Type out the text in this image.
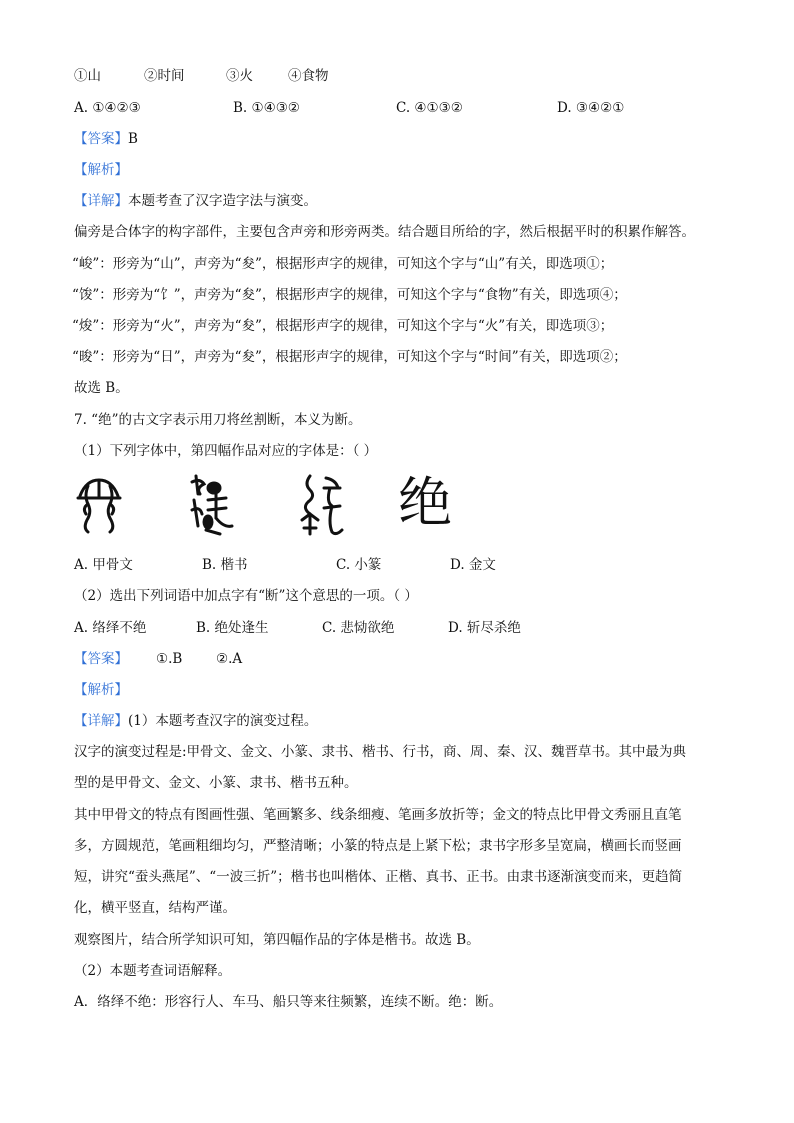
①山	②时间	③火	④食物
A. ①④②③	B. ①④③②	C. ④①③②	D. ③④②①
【答案】B
【解析】
【详解】本题考查了汉字造字法与演变。
偏旁是合体字的构字部件，主要包含声旁和形旁两类。结合题目所给的字，然后根据平时的积累作解答。
“峻”：形旁为“山”，声旁为“夋”，根据形声字的规律，可知这个字与“山”有关，即选项①；
“馂”：形旁为“饣”，声旁为“夋”，根据形声字的规律，可知这个字与“食物”有关，即选项④；
“焌”：形旁为“火”，声旁为“夋”，根据形声字的规律，可知这个字与“火”有关，即选项③；
“晙”：形旁为“日”，声旁为“夋”，根据形声字的规律，可知这个字与“时间”有关，即选项②；
故选 B。
7. “绝”的古文字表示用刀将丝割断，本义为断。
（1）下列字体中，第四幅作品对应的字体是：（ ）
绝
A. 甲骨文	B. 楷书	C. 小篆	D. 金文
（2）选出下列词语中加点字有“断”这个意思的一项。（ ）
A. 络绎不绝	B. 绝处逢生	C. 悲恸欲绝	D. 斩尽杀绝
【答案】 ①.B ②.A
【解析】
【详解】(1）本题考查汉字的演变过程。
汉字的演变过程是:甲骨文、金文、小篆、隶书、楷书、行书，商、周、秦、汉、魏晋草书。其中最为典
型的是甲骨文、金文、小篆、隶书、楷书五种。
其中甲骨文的特点有图画性强、笔画繁多、线条细瘦、笔画多放折等；金文的特点比甲骨文秀丽且直笔
多，方圆规范，笔画粗细均匀，严整清晰；小篆的特点是上紧下松；隶书字形多呈宽扁，横画长而竖画
短，讲究“蚕头燕尾”、“一波三折”；楷书也叫楷体、正楷、真书、正书。由隶书逐渐演变而来，更趋简
化，横平竖直，结构严谨。
观察图片，结合所学知识可知，第四幅作品的字体是楷书。故选 B。
（2）本题考查词语解释。
A．络绎不绝：形容行人、车马、船只等来往频繁，连续不断。绝：断。
